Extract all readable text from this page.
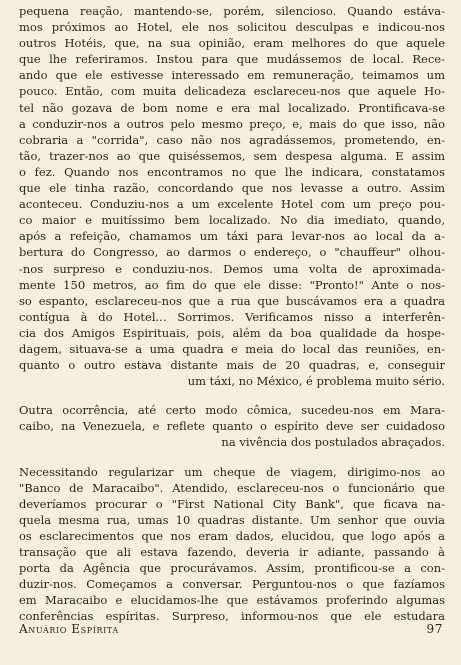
pequena reação, mantendo-se, porém, silencioso. Quando estáva-
mos próximos ao Hotel, ele nos solicitou desculpas e indicou-nos
outros Hotéis, que, na sua opinião, eram melhores do que aquele
que lhe referiramos. Instou para que mudássemos de local. Rece-
ando que ele estivesse interessado em remuneração, teimamos um
pouco. Então, com muita delicadeza esclareceu-nos que aquele Ho-
tel não gozava de bom nome e era mal localizado. Prontificava-se
a conduzir-nos a outros pelo mesmo preço, e, mais do que isso, não
cobraria a "corrida", caso não nos agradássemos, prometendo, en-
tão, trazer-nos ao que quiséssemos, sem despesa alguma. E assim
o fez. Quando nos encontramos no que lhe indicara, constatamos
que ele tinha razão, concordando que nos levasse a outro. Assim
aconteceu. Conduziu-nos a um excelente Hotel com um preço pou-
co maior e muitíssimo bem localizado. No dia imediato, quando,
após a refeição, chamamos um táxi para levar-nos ao local da a-
bertura do Congresso, ao darmos o endereço, o "chauffeur" olhou-
-nos surpreso e conduziu-nos. Demos uma volta de aproximada-
mente 150 metros, ao fim do que ele disse: "Pronto!" Ante o nos-
so espanto, esclareceu-nos que a rua que buscávamos era a quadra
contígua à do Hotel... Sorrimos. Verificamos nisso a interferên-
cia dos Amigos Espirituais, pois, além da boa qualidade da hospe-
dagem, situava-se a uma quadra e meia do local das reuniões, en-
quanto o outro estava distante mais de 20 quadras, e, conseguir
um táxi, no México, é problema muito sério.
Outra ocorrência, até certo modo cômica, sucedeu-nos em Mara-
caibo, na Venezuela, e reflete quanto o espírito deve ser cuidadoso
na vivência dos postulados abraçados.
Necessitando regularizar um cheque de viagem, dirigimo-nos ao
"Banco de Maracaibo". Atendido, esclareceu-nos o funcionário que
deveríamos procurar o "First National City Bank", que ficava na-
quela mesma rua, umas 10 quadras distante. Um senhor que ouvia
os esclarecimentos que nos eram dados, elucidou, que logo após a
transação que ali estava fazendo, deveria ir adiante, passando à
porta da Agência que procurávamos. Assim, prontificou-se a con-
duzir-nos. Começamos a conversar. Perguntou-nos o que fazíamos
em Maracaibo e elucidamos-lhe que estávamos proferindo algumas
conferências espíritas. Surpreso, informou-nos que ele estudara
Anuário Espírita	97
